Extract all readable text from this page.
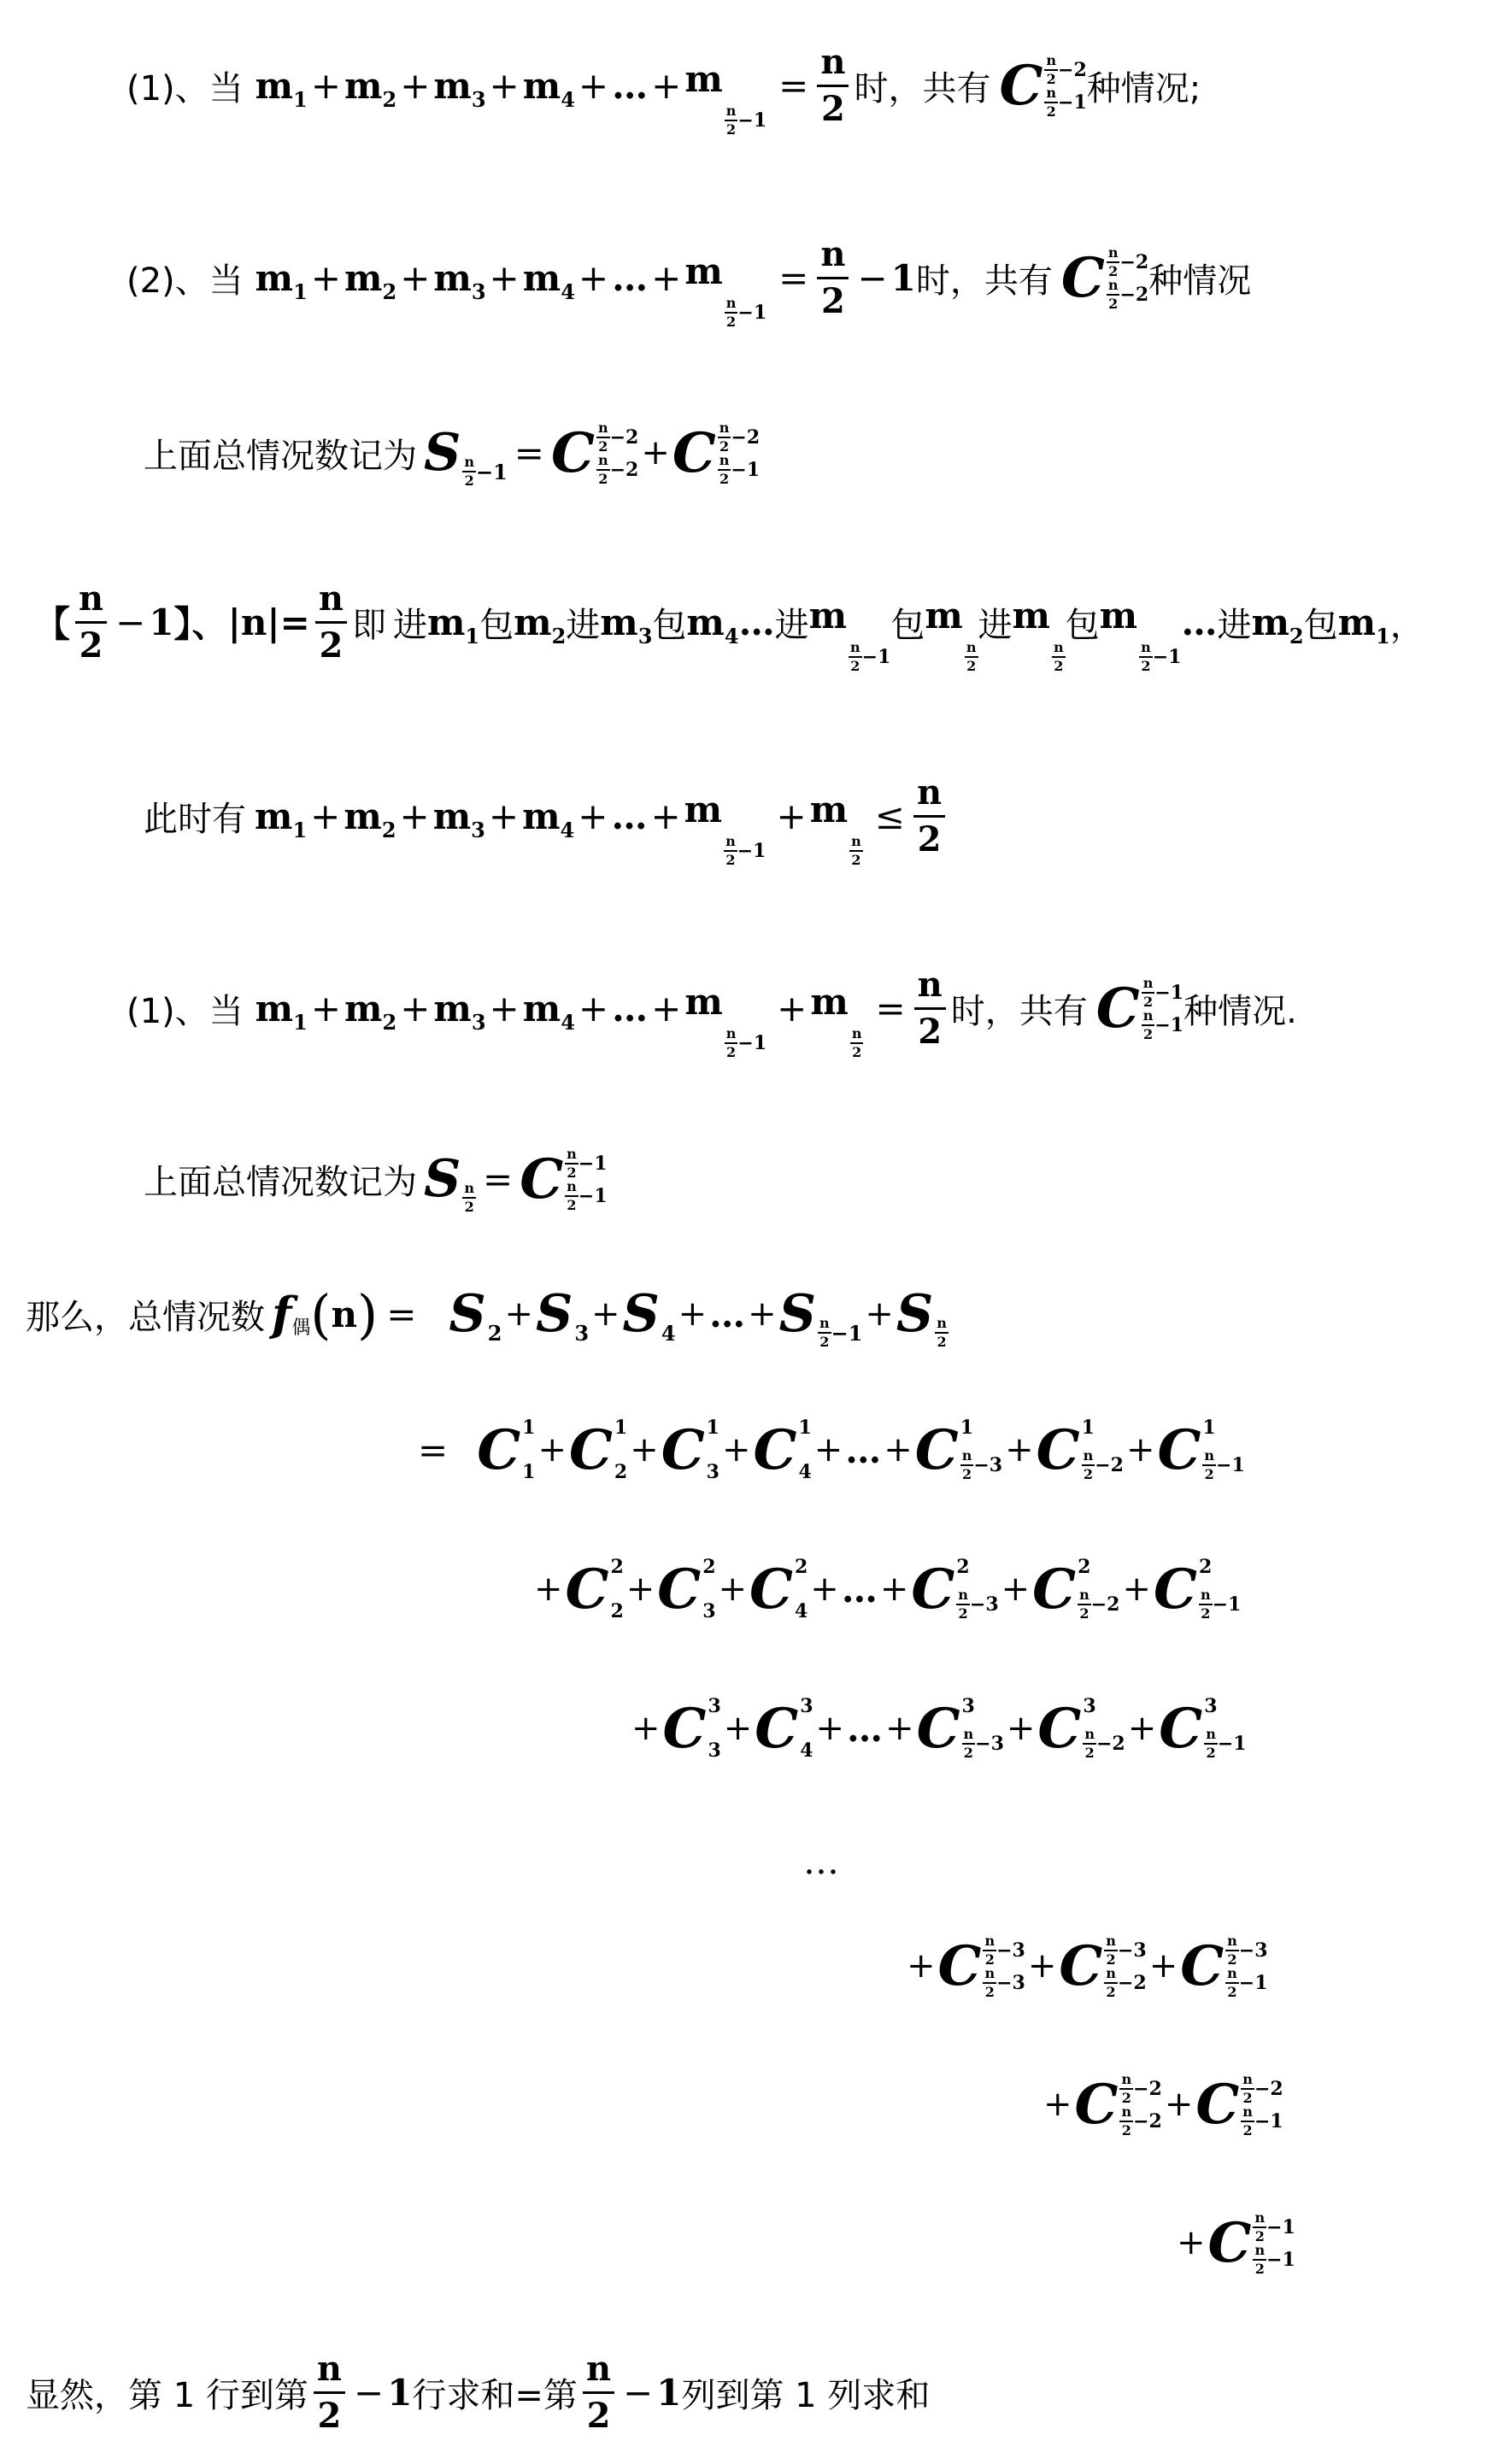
(1)、当 $m_1 + m_2 + m_3 + m_4$ + … + m
$\frac{n}{2} -1$
= $\frac{n}{2}$ 时，共有 C $\frac{n}{2} -2$
$\frac{n}{2} -1$ 种情况;
(2)、当 $m_1 + m_2 + m_3 + m_4$ + … + m
$\frac{n}{2} -1$
= $\frac{n}{2} - 1$ 时，共有 C $\frac{n}{2} -2$
$\frac{n}{2} -2$ 种情况
上面总情况数记为 S $\frac{n}{2} -1 = C \frac{n}{2} -2$
$\frac{n}{2} -2 + C \frac{n}{2} -2$
$\frac{n}{2} -1$
【 $\frac{n}{2} - 1$ 】、 $|n|= \frac{n}{2}$ 即 进 $m_1$ 包 $m_2$ 进 $m_3$ 包 $m_4$ … 进 m
$\frac{n}{2} -1$
包 m
$\frac{n}{2}$
进 m
$\frac{n}{2}$
包 m
$\frac{n}{2} -1$
… 进 $m_2$ 包 $m_1$ ，
此时有 $m_1 + m_2 + m_3 + m_4$ + … + m
$\frac{n}{2} -1$
+ m
$\frac{n}{2}$
≤ $\frac{n}{2}$
(1)、当 $m_1 + m_2 + m_3 + m_4$ + … + m
$\frac{n}{2} -1$
+ m
$\frac{n}{2}$
= $\frac{n}{2}$ 时，共有 C $\frac{n}{2} -1$
$\frac{n}{2} -1$ 种情况.
上面总情况数记为 S $\frac{n}{2} = C \frac{n}{2} -1$
$\frac{n}{2} -1$
那么，总情况数 f 偶 ( n ) = S 2 + S 3 + S 4 + … + S $\frac{n}{2} -1 + S \frac{n}{2}$
= C 1
1
+ C 1
2
+ C 1
3
+ C 1
4
+ … + C 1
$\frac{n}{2} -3 + C$ 1
$\frac{n}{2} -2 + C$ 1
$\frac{n}{2} -1$
+ C 2
2
+ C 2
3
+ C 2
4
+ … + C 2
$\frac{n}{2} -3 + C$ 2
$\frac{n}{2} -2 + C$ 2
$\frac{n}{2} -1$
+ C 3
3
+ C 3
4
+ … + C 3
$\frac{n}{2} -3 + C$ 3
$\frac{n}{2} -2 + C$ 3
$\frac{n}{2} -1$
…
+ C $\frac{n}{2} -3$
$\frac{n}{2} -3 + C \frac{n}{2} -3$
$\frac{n}{2} -2 + C \frac{n}{2} -3$
$\frac{n}{2} -1$
+ C $\frac{n}{2} -2$
$\frac{n}{2} -2 + C \frac{n}{2} -2$
$\frac{n}{2} -1$
+ C $\frac{n}{2} -1$
$\frac{n}{2} -1$
显然，第 1 行到第 $\frac{n}{2} - 1$ 行求和=第 $\frac{n}{2} - 1$ 列到第 1 列求和
